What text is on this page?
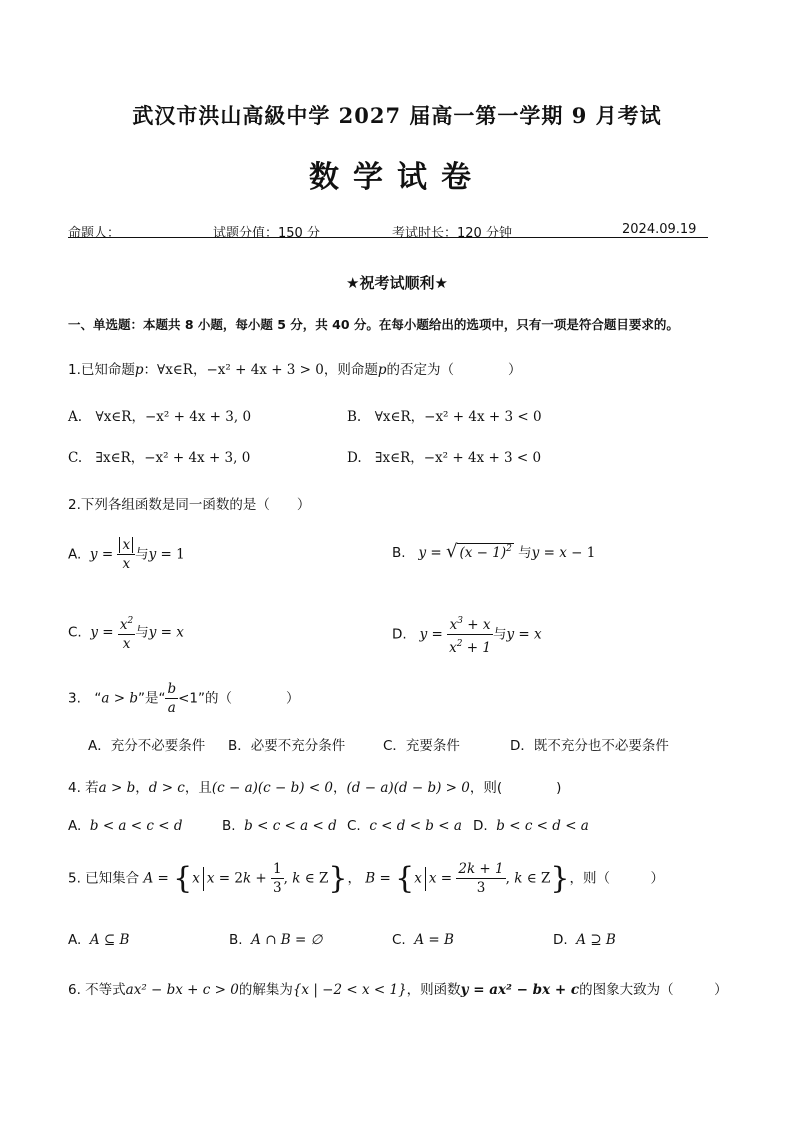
武汉市洪山高級中学 2027 届高一第一学期 9 月考试
数学试卷
命题人：	试题分值：150 分	考试时长：120 分钟	2024.09.19
★祝考试顺利★
一、单选题：本题共 8 小题，每小题 5 分，共 40 分。在每小题给出的选项中，只有一项是符合题目要求的。
1.已知命题p：∀x∈R，−x² + 4x + 3 > 0，则命题p的否定为（　　　　）
A.　∀x∈R，−x² + 4x + 3, 0	B.　∀x∈R，−x² + 4x + 3 < 0
C.　∃x∈R，−x² + 4x + 3, 0	D.　∃x∈R，−x² + 4x + 3 < 0
2.下列各组函数是同一函数的是（　　）
A. $y = \frac{x}{x}$ 与y = 1	B. y = √ $(x - 1)^2$ 与y = x − 1
C. $y = \frac{x^2}{x}$ 与y = x	D. $y = \frac{x^3 + x}{x^2 + 1}$ 与y = x
3.　“a > b”是“ $\frac{b}{a} <1$”的（　　　　）
A．充分不必要条件 B．必要不充分条件	C．充要条件	D．既不充分也不必要条件
4. 若a > b，d > c，且(c − a)(c − b) < 0，(d − a)(d − b) > 0，则(　　　　)
A. b < a < c < d	B. b < c < a < d C. c < d < b < a D. b < c < d < a
5. 已知集合 A = {x $x = 2k + \frac{1}{3}$ , k ∈ Z}， B = {x $x = \frac{2k + 1}{3}$ , k ∈ Z}，则（　　　）
A. A ⊆ B	B. A ∩ B = ∅	C. A = B	D. A ⊇ B
6. 不等式ax² − bx + c > 0的解集为{x | −2 < x < 1}，则函数y = ax² − bx + c的图象大致为（　　　）
